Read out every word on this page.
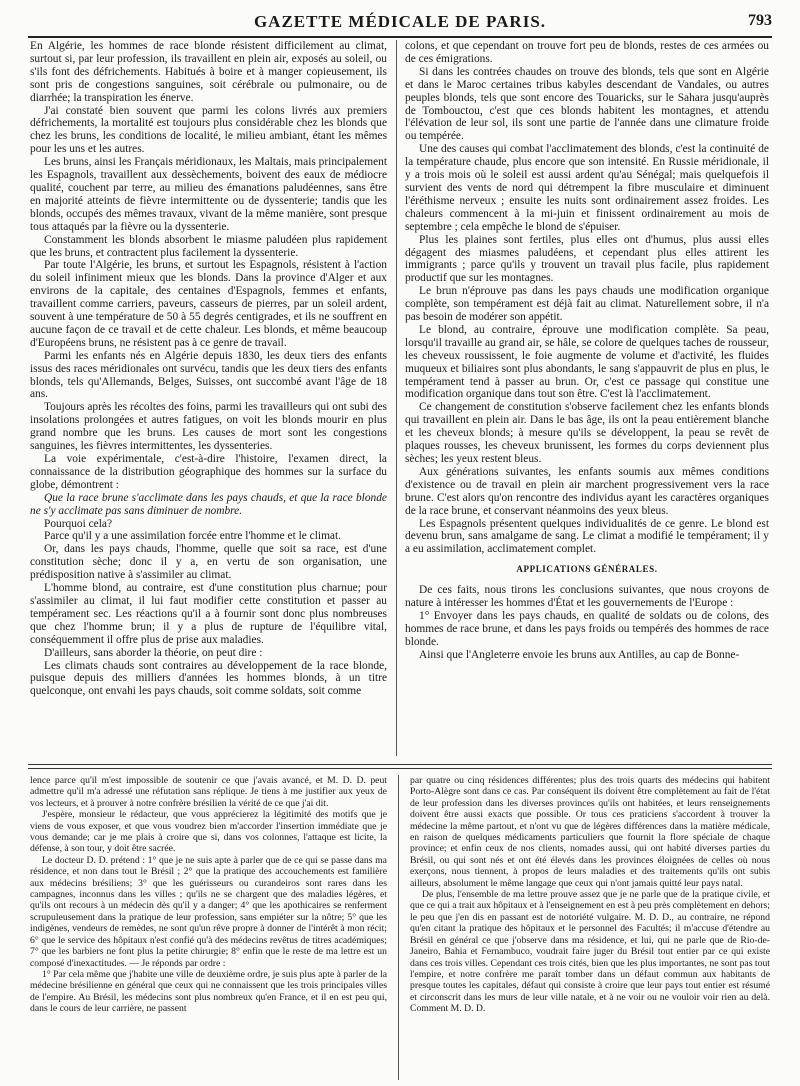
GAZETTE MÉDICALE DE PARIS.	793

En Algérie, les hommes de race blonde résistent difficilement au climat, surtout si, par leur profession, ils travaillent en plein air, exposés au soleil, ou s'ils font des défrichements. Habitués à boire et à manger copieusement, ils sont pris de congestions sanguines, soit cérébrale ou pulmonaire, ou de diarrhée; la transpiration les énerve.

J'ai constaté bien souvent que parmi les colons livrés aux premiers défrichements, la mortalité est toujours plus considérable chez les blonds que chez les bruns, les conditions de localité, le milieu ambiant, étant les mêmes pour les uns et les autres.

Les bruns, ainsi les Français méridionaux, les Maltais, mais principalement les Espagnols, travaillent aux dessèchements, boivent des eaux de médiocre qualité, couchent par terre, au milieu des émanations paludéennes, sans être en majorité atteints de fièvre intermittente ou de dyssenterie; tandis que les blonds, occupés des mêmes travaux, vivant de la même manière, sont presque tous attaqués par la fièvre ou la dyssenterie.

Constamment les blonds absorbent le miasme paludéen plus rapidement que les bruns, et contractent plus facilement la dyssenterie.

Par toute l'Algérie, les bruns, et surtout les Espagnols, résistent à l'action du soleil infiniment mieux que les blonds. Dans la province d'Alger et aux environs de la capitale, des centaines d'Espagnols, femmes et enfants, travaillent comme carriers, paveurs, casseurs de pierres, par un soleil ardent, souvent à une température de 50 à 55 degrés centigrades, et ils ne souffrent en aucune façon de ce travail et de cette chaleur. Les blonds, et même beaucoup d'Européens bruns, ne résistent pas à ce genre de travail.

Parmi les enfants nés en Algérie depuis 1830, les deux tiers des enfants issus des races méridionales ont survécu, tandis que les deux tiers des enfants blonds, tels qu'Allemands, Belges, Suisses, ont succombé avant l'âge de 18 ans.

Toujours après les récoltes des foins, parmi les travailleurs qui ont subi des insolations prolongées et autres fatigues, on voit les blonds mourir en plus grand nombre que les bruns. Les causes de mort sont les congestions sanguines, les fièvres intermittentes, les dyssenteries.

La voie expérimentale, c'est-à-dire l'histoire, l'examen direct, la connaissance de la distribution géographique des hommes sur la surface du globe, démontrent :

Que la race brune s'acclimate dans les pays chauds, et que la race blonde ne s'y acclimate pas sans diminuer de nombre.

Pourquoi cela?

Parce qu'il y a une assimilation forcée entre l'homme et le climat.

Or, dans les pays chauds, l'homme, quelle que soit sa race, est d'une constitution sèche; donc il y a, en vertu de son organisation, une prédisposition native à s'assimiler au climat.

L'homme blond, au contraire, est d'une constitution plus charnue; pour s'assimiler au climat, il lui faut modifier cette constitution et passer au tempérament sec. Les réactions qu'il a à fournir sont donc plus nombreuses que chez l'homme brun; il y a plus de rupture de l'équilibre vital, conséquemment il offre plus de prise aux maladies.

D'ailleurs, sans aborder la théorie, on peut dire :

Les climats chauds sont contraires au développement de la race blonde, puisque depuis des milliers d'années les hommes blonds, à un titre quelconque, ont envahi les pays chauds, soit comme soldats, soit comme

colons, et que cependant on trouve fort peu de blonds, restes de ces armées ou de ces émigrations.

Si dans les contrées chaudes on trouve des blonds, tels que sont en Algérie et dans le Maroc certaines tribus kabyles descendant de Vandales, ou autres peuples blonds, tels que sont encore des Touaricks, sur le Sahara jusqu'auprès de Tombouctou, c'est que ces blonds habitent les montagnes, et attendu l'élévation de leur sol, ils sont une partie de l'année dans une climature froide ou tempérée.

Une des causes qui combat l'acclimatement des blonds, c'est la continuité de la température chaude, plus encore que son intensité. En Russie méridionale, il y a trois mois où le soleil est aussi ardent qu'au Sénégal; mais quelquefois il survient des vents de nord qui détrempent la fibre musculaire et diminuent l'éréthisme nerveux ; ensuite les nuits sont ordinairement assez froides. Les chaleurs commencent à la mi-juin et finissent ordinairement au mois de septembre ; cela empêche le blond de s'épuiser.

Plus les plaines sont fertiles, plus elles ont d'humus, plus aussi elles dégagent des miasmes paludéens, et cependant plus elles attirent les immigrants ; parce qu'ils y trouvent un travail plus facile, plus rapidement productif que sur les montagnes.

Le brun n'éprouve pas dans les pays chauds une modification organique complète, son tempérament est déjà fait au climat. Naturellement sobre, il n'a pas besoin de modérer son appétit.

Le blond, au contraire, éprouve une modification complète. Sa peau, lorsqu'il travaille au grand air, se hâle, se colore de quelques taches de rousseur, les cheveux roussissent, le foie augmente de volume et d'activité, les fluides muqueux et biliaires sont plus abondants, le sang s'appauvrit de plus en plus, le tempérament tend à passer au brun. Or, c'est ce passage qui constitue une modification organique dans tout son être. C'est là l'acclimatement.

Ce changement de constitution s'observe facilement chez les enfants blonds qui travaillent en plein air. Dans le bas âge, ils ont la peau entièrement blanche et les cheveux blonds; à mesure qu'ils se développent, la peau se revêt de plaques rousses, les cheveux brunissent, les formes du corps deviennent plus sèches; les yeux restent bleus.

Aux générations suivantes, les enfants soumis aux mêmes conditions d'existence ou de travail en plein air marchent progressivement vers la race brune. C'est alors qu'on rencontre des individus ayant les caractères organiques de la race brune, et conservant néanmoins des yeux bleus.

Les Espagnols présentent quelques individualités de ce genre. Le blond est devenu brun, sans amalgame de sang. Le climat a modifié le tempérament; il y a eu assimilation, acclimatement complet.

APPLICATIONS GÉNÉRALES.

De ces faits, nous tirons les conclusions suivantes, que nous croyons de nature à intéresser les hommes d'État et les gouvernements de l'Europe :

1° Envoyer dans les pays chauds, en qualité de soldats ou de colons, des hommes de race brune, et dans les pays froids ou tempérés des hommes de race blonde.

Ainsi que l'Angleterre envoie les bruns aux Antilles, au cap de Bonne-

lence parce qu'il m'est impossible de soutenir ce que j'avais avancé, et M. D. D. peut admettre qu'il m'a adressé une réfutation sans réplique. Je tiens à me justifier aux yeux de vos lecteurs, et à prouver à notre confrère brésilien la vérité de ce que j'ai dit.

J'espère, monsieur le rédacteur, que vous apprécierez la légitimité des motifs que je viens de vous exposer, et que vous voudrez bien m'accorder l'insertion immédiate que je vous demande; car je me plais à croire que si, dans vos colonnes, l'attaque est licite, la défense, à son tour, y doit être sacrée.

Le docteur D. D. prétend : 1° que je ne suis apte à parler que de ce qui se passe dans ma résidence, et non dans tout le Brésil ; 2° que la pratique des accouchements est familière aux médecins brésiliens; 3° que les guérisseurs ou curandeiros sont rares dans les campagnes, inconnus dans les villes ; qu'ils ne se chargent que des maladies légères, et qu'ils ont recours à un médecin dès qu'il y a danger; 4° que les apothicaires se renferment scrupuleusement dans la pratique de leur profession, sans empiéter sur la nôtre; 5° que les indigènes, vendeurs de remèdes, ne sont qu'un rêve propre à donner de l'intérêt à mon récit; 6° que le service des hôpitaux n'est confié qu'à des médecins revêtus de titres académiques; 7° que les barbiers ne font plus la petite chirurgie; 8° enfin que le reste de ma lettre est un composé d'inexactitudes. — Je réponds par ordre :

1° Par cela même que j'habite une ville de deuxième ordre, je suis plus apte à parler de la médecine brésilienne en général que ceux qui ne connaissent que les trois principales villes de l'empire. Au Brésil, les médecins sont plus nombreux qu'en France, et il en est peu qui, dans le cours de leur carrière, ne passent

par quatre ou cinq résidences différentes; plus des trois quarts des médecins qui habitent Porto-Alègre sont dans ce cas. Par conséquent ils doivent être complètement au fait de l'état de leur profession dans les diverses provinces qu'ils ont habitées, et leurs renseignements doivent être aussi exacts que possible. Or tous ces praticiens s'accordent à trouver la médecine la même partout, et n'ont vu que de légères différences dans la matière médicale, en raison de quelques médicaments particuliers que fournit la flore spéciale de chaque province; et enfin ceux de nos clients, nomades aussi, qui ont habité diverses parties du Brésil, ou qui sont nés et ont été élevés dans les provinces éloignées de celles où nous exerçons, nous tiennent, à propos de leurs maladies et des traitements qu'ils ont subis ailleurs, absolument le même langage que ceux qui n'ont jamais quitté leur pays natal.

De plus, l'ensemble de ma lettre prouve assez que je ne parle que de la pratique civile, et que ce qui a trait aux hôpitaux et à l'enseignement en est à peu près complètement en dehors; le peu que j'en dis en passant est de notoriété vulgaire. M. D. D., au contraire, ne répond qu'en citant la pratique des hôpitaux et le personnel des Facultés; il m'accuse d'étendre au Brésil en général ce que j'observe dans ma résidence, et lui, qui ne parle que de Rio-de-Janeiro, Bahia et Fernambuco, voudrait faire juger du Brésil tout entier par ce qui existe dans ces trois villes. Cependant ces trois cités, bien que les plus importantes, ne sont pas tout l'empire, et notre confrère me paraît tomber dans un défaut commun aux habitants de presque toutes les capitales, défaut qui consiste à croire que leur pays tout entier est résumé et circonscrit dans les murs de leur ville natale, et à ne voir ou ne vouloir voir rien au delà. Comment M. D. D.
